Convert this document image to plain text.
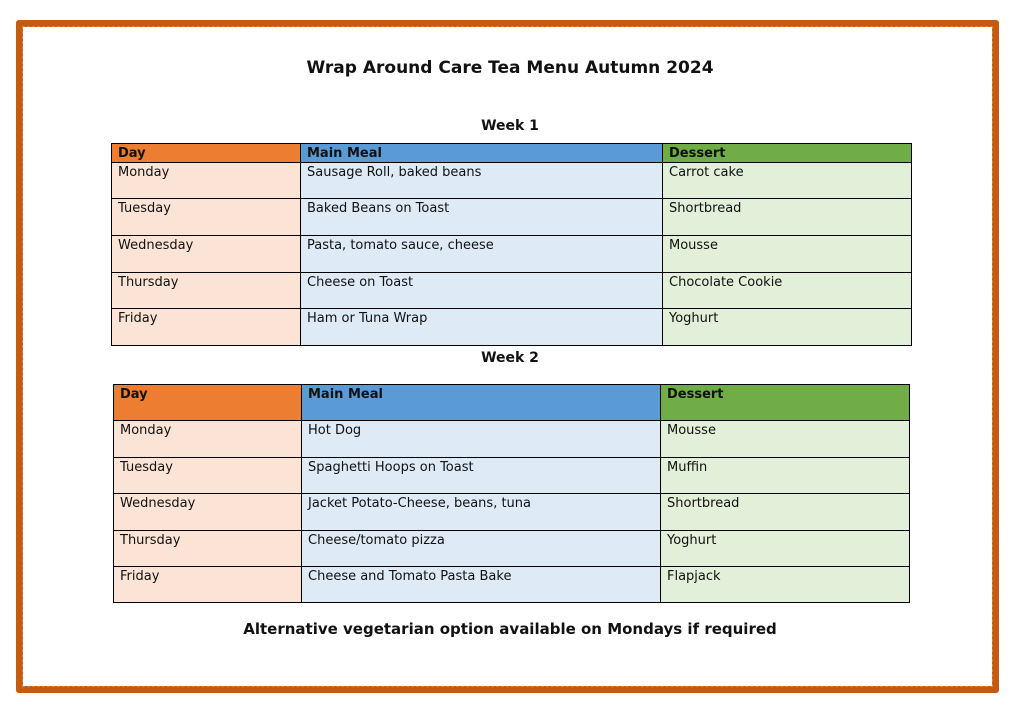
Wrap Around Care Tea Menu Autumn 2024
Week 1
Day	Main Meal	Dessert
Monday	Sausage Roll, baked beans	Carrot cake
Tuesday	Baked Beans on Toast	Shortbread
Wednesday	Pasta, tomato sauce, cheese	Mousse
Thursday	Cheese on Toast	Chocolate Cookie
Friday	Ham or Tuna Wrap	Yoghurt
Week 2
Day	Main Meal	Dessert
Monday	Hot Dog	Mousse
Tuesday	Spaghetti Hoops on Toast	Muffin
Wednesday	Jacket Potato-Cheese, beans, tuna	Shortbread
Thursday	Cheese/tomato pizza	Yoghurt
Friday	Cheese and Tomato Pasta Bake	Flapjack
Alternative vegetarian option available on Mondays if required
